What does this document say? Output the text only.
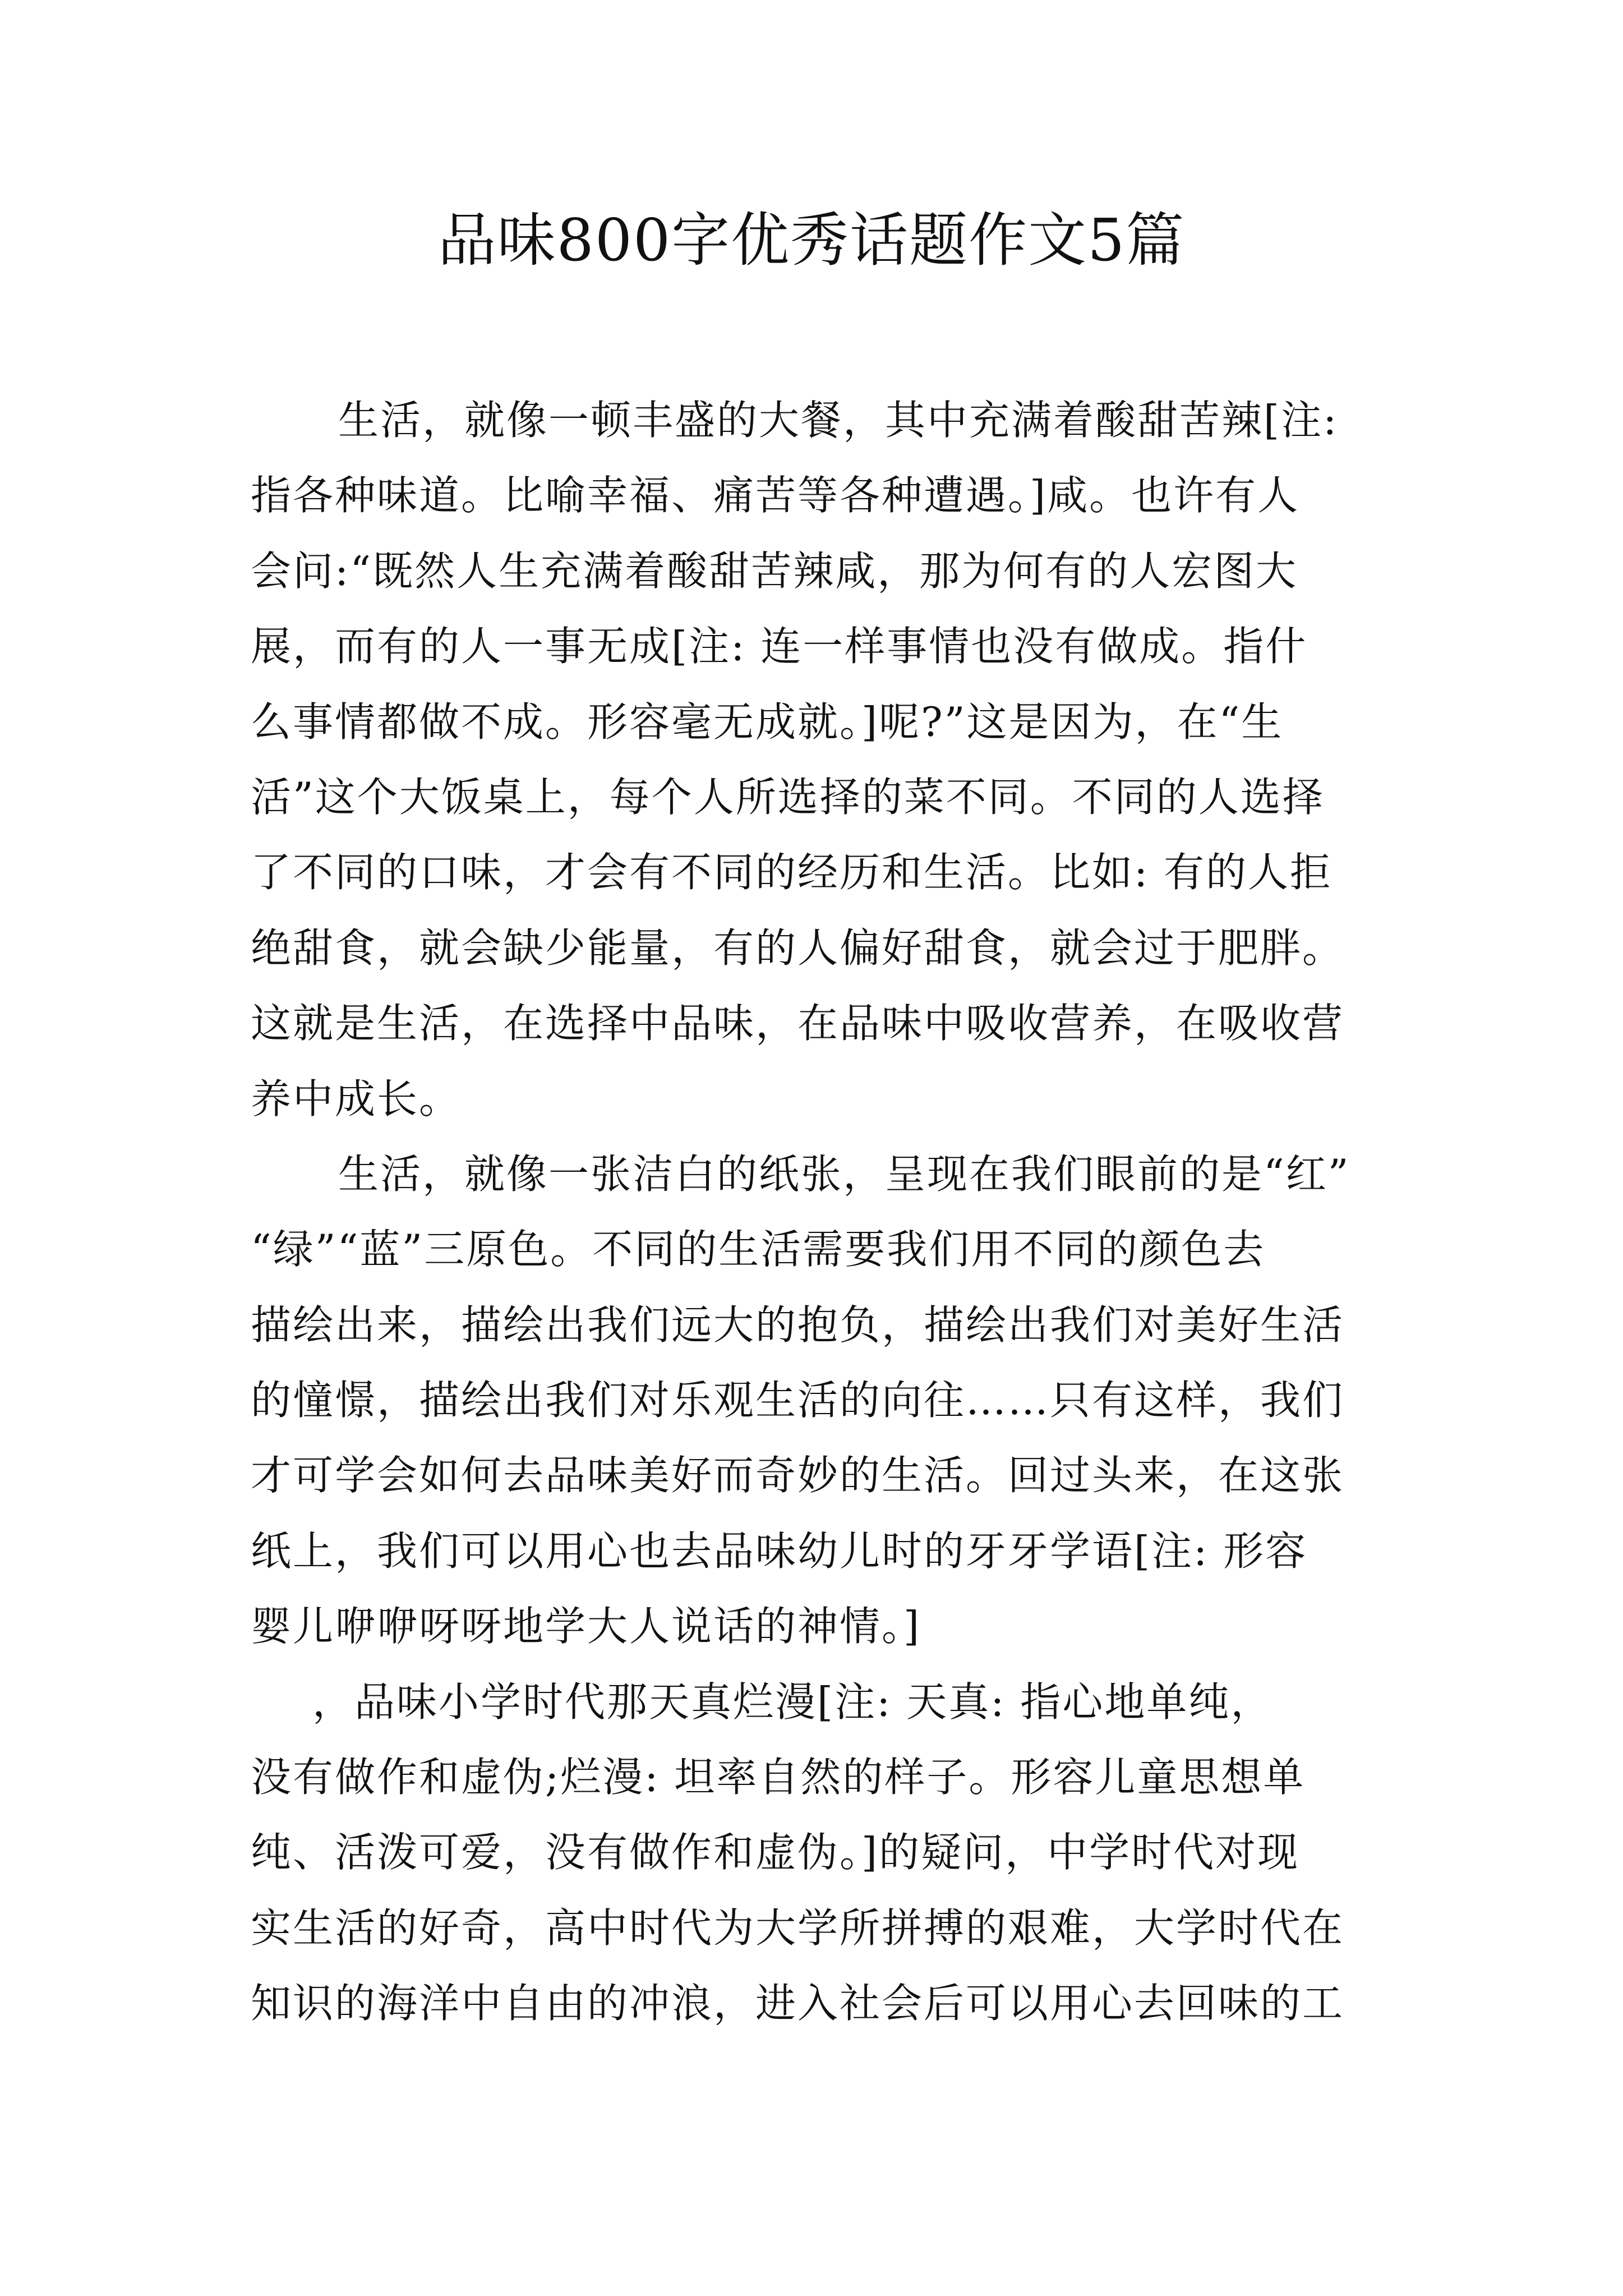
品味800字优秀话题作文5篇
生活，就像一顿丰盛的大餐，其中充满着酸甜苦辣[注:
指各种味道。比喻幸福、痛苦等各种遭遇。]咸。也许有人
会问:“既然人生充满着酸甜苦辣咸，那为何有的人宏图大
展，而有的人一事无成[注: 连一样事情也没有做成。指什
么事情都做不成。形容毫无成就。]呢?”这是因为，在“生
活”这个大饭桌上，每个人所选择的菜不同。不同的人选择
了不同的口味，才会有不同的经历和生活。比如: 有的人拒
绝甜食，就会缺少能量，有的人偏好甜食，就会过于肥胖。
这就是生活，在选择中品味，在品味中吸收营养，在吸收营
养中成长。
生活，就像一张洁白的纸张，呈现在我们眼前的是“红”
“绿”“蓝”三原色。不同的生活需要我们用不同的颜色去
描绘出来，描绘出我们远大的抱负，描绘出我们对美好生活
的憧憬，描绘出我们对乐观生活的向往……只有这样，我们
才可学会如何去品味美好而奇妙的生活。回过头来，在这张
纸上，我们可以用心也去品味幼儿时的牙牙学语[注: 形容
婴儿咿咿呀呀地学大人说话的神情。]
，品味小学时代那天真烂漫[注: 天真: 指心地单纯，
没有做作和虚伪;烂漫: 坦率自然的样子。形容儿童思想单
纯、活泼可爱，没有做作和虚伪。]的疑问，中学时代对现
实生活的好奇，高中时代为大学所拼搏的艰难，大学时代在
知识的海洋中自由的冲浪，进入社会后可以用心去回味的工
